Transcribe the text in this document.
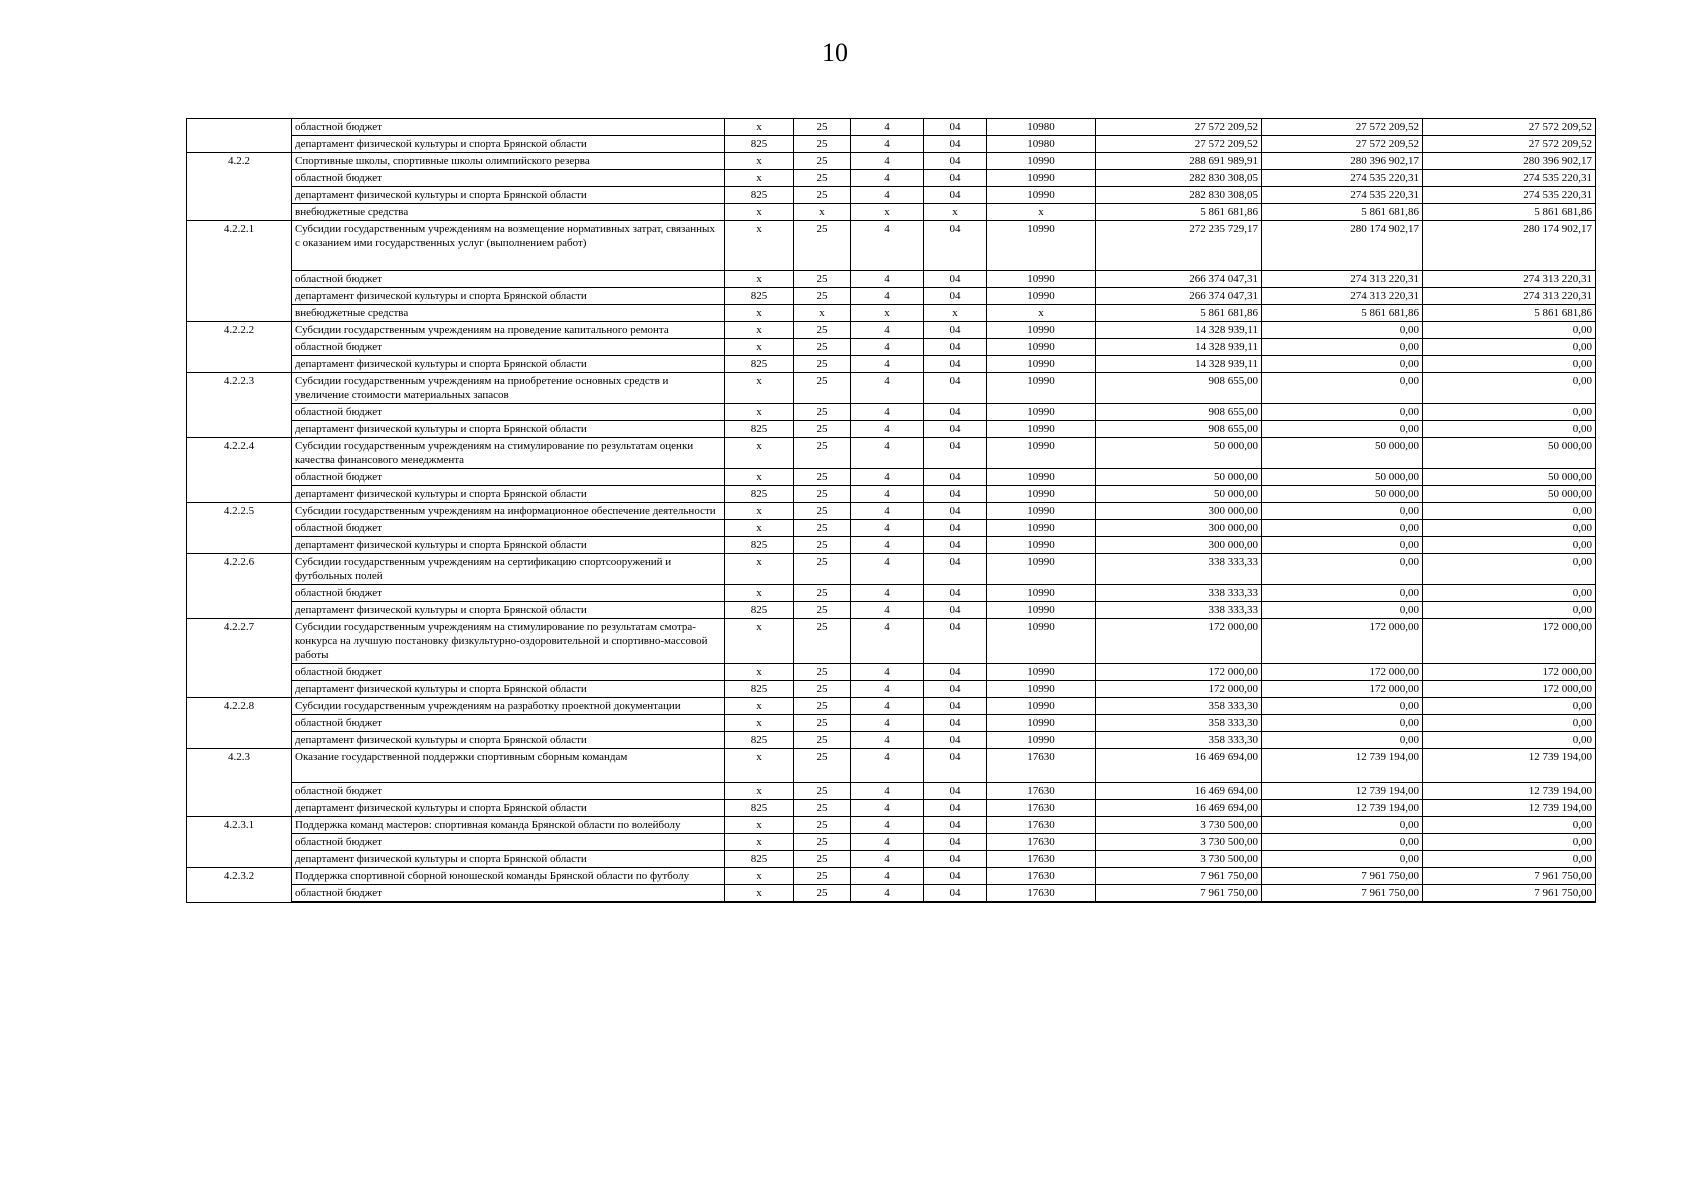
10
	областной бюджет	x	25	4	04	10980	27 572 209,52	27 572 209,52	27 572 209,52
	департамент физической культуры и спорта Брянской области	825	25	4	04	10980	27 572 209,52	27 572 209,52	27 572 209,52
4.2.2	Спортивные школы, спортивные школы олимпийского резерва	x	25	4	04	10990	288 691 989,91	280 396 902,17	280 396 902,17
	областной бюджет	x	25	4	04	10990	282 830 308,05	274 535 220,31	274 535 220,31
	департамент физической культуры и спорта Брянской области	825	25	4	04	10990	282 830 308,05	274 535 220,31	274 535 220,31
	внебюджетные средства	x	x	x	x	x	5 861 681,86	5 861 681,86	5 861 681,86
4.2.2.1	Субсидии государственным учреждениям на возмещение нормативных затрат, связанных с оказанием ими государственных услуг (выполнением работ)	x	25	4	04	10990	272 235 729,17	280 174 902,17	280 174 902,17
	областной бюджет	x	25	4	04	10990	266 374 047,31	274 313 220,31	274 313 220,31
	департамент физической культуры и спорта Брянской области	825	25	4	04	10990	266 374 047,31	274 313 220,31	274 313 220,31
	внебюджетные средства	x	x	x	x	x	5 861 681,86	5 861 681,86	5 861 681,86
4.2.2.2	Субсидии государственным учреждениям на проведение капитального ремонта	x	25	4	04	10990	14 328 939,11	0,00	0,00
	областной бюджет	x	25	4	04	10990	14 328 939,11	0,00	0,00
	департамент физической культуры и спорта Брянской области	825	25	4	04	10990	14 328 939,11	0,00	0,00
4.2.2.3	Субсидии государственным учреждениям на приобретение основных средств и увеличение стоимости материальных запасов	x	25	4	04	10990	908 655,00	0,00	0,00
	областной бюджет	x	25	4	04	10990	908 655,00	0,00	0,00
	департамент физической культуры и спорта Брянской области	825	25	4	04	10990	908 655,00	0,00	0,00
4.2.2.4	Субсидии государственным учреждениям на стимулирование по результатам оценки качества финансового менеджмента	x	25	4	04	10990	50 000,00	50 000,00	50 000,00
	областной бюджет	x	25	4	04	10990	50 000,00	50 000,00	50 000,00
	департамент физической культуры и спорта Брянской области	825	25	4	04	10990	50 000,00	50 000,00	50 000,00
4.2.2.5	Субсидии государственным учреждениям на информационное обеспечение деятельности	x	25	4	04	10990	300 000,00	0,00	0,00
	областной бюджет	x	25	4	04	10990	300 000,00	0,00	0,00
	департамент физической культуры и спорта Брянской области	825	25	4	04	10990	300 000,00	0,00	0,00
4.2.2.6	Субсидии государственным учреждениям на сертификацию спортсооружений и футбольных полей	x	25	4	04	10990	338 333,33	0,00	0,00
	областной бюджет	x	25	4	04	10990	338 333,33	0,00	0,00
	департамент физической культуры и спорта Брянской области	825	25	4	04	10990	338 333,33	0,00	0,00
4.2.2.7	Субсидии государственным учреждениям на стимулирование по результатам смотра-конкурса на лучшую постановку физкультурно-оздоровительной и спортивно-массовой работы	x	25	4	04	10990	172 000,00	172 000,00	172 000,00
	областной бюджет	x	25	4	04	10990	172 000,00	172 000,00	172 000,00
	департамент физической культуры и спорта Брянской области	825	25	4	04	10990	172 000,00	172 000,00	172 000,00
4.2.2.8	Субсидии государственным учреждениям на разработку проектной документации	x	25	4	04	10990	358 333,30	0,00	0,00
	областной бюджет	x	25	4	04	10990	358 333,30	0,00	0,00
	департамент физической культуры и спорта Брянской области	825	25	4	04	10990	358 333,30	0,00	0,00
4.2.3	Оказание государственной поддержки спортивным сборным командам	x	25	4	04	17630	16 469 694,00	12 739 194,00	12 739 194,00
	областной бюджет	x	25	4	04	17630	16 469 694,00	12 739 194,00	12 739 194,00
	департамент физической культуры и спорта Брянской области	825	25	4	04	17630	16 469 694,00	12 739 194,00	12 739 194,00
4.2.3.1	Поддержка команд мастеров: спортивная команда Брянской области по волейболу	x	25	4	04	17630	3 730 500,00	0,00	0,00
	областной бюджет	x	25	4	04	17630	3 730 500,00	0,00	0,00
	департамент физической культуры и спорта Брянской области	825	25	4	04	17630	3 730 500,00	0,00	0,00
4.2.3.2	Поддержка спортивной сборной юношеской команды Брянской области по футболу	x	25	4	04	17630	7 961 750,00	7 961 750,00	7 961 750,00
	областной бюджет	x	25	4	04	17630	7 961 750,00	7 961 750,00	7 961 750,00
